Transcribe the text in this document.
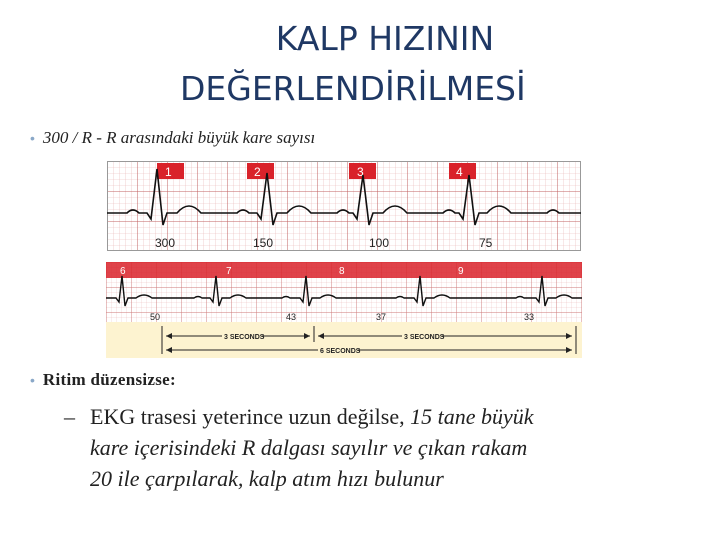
KALP HIZININ
DEĞERLENDİRİLMESİ
• 300 / R - R arasındaki büyük kare sayısı
1	2	3	4
300	150	100	75
6	7	8	9
50	43	37	33
3 SECONDS	3 SECONDS
6 SECONDS
• Ritim düzensizse:
– EKG trasesi yeterince uzun değilse, 15 tane büyük
kare içerisindeki R dalgası sayılır ve çıkan rakam
20 ile çarpılarak, kalp atım hızı bulunur
